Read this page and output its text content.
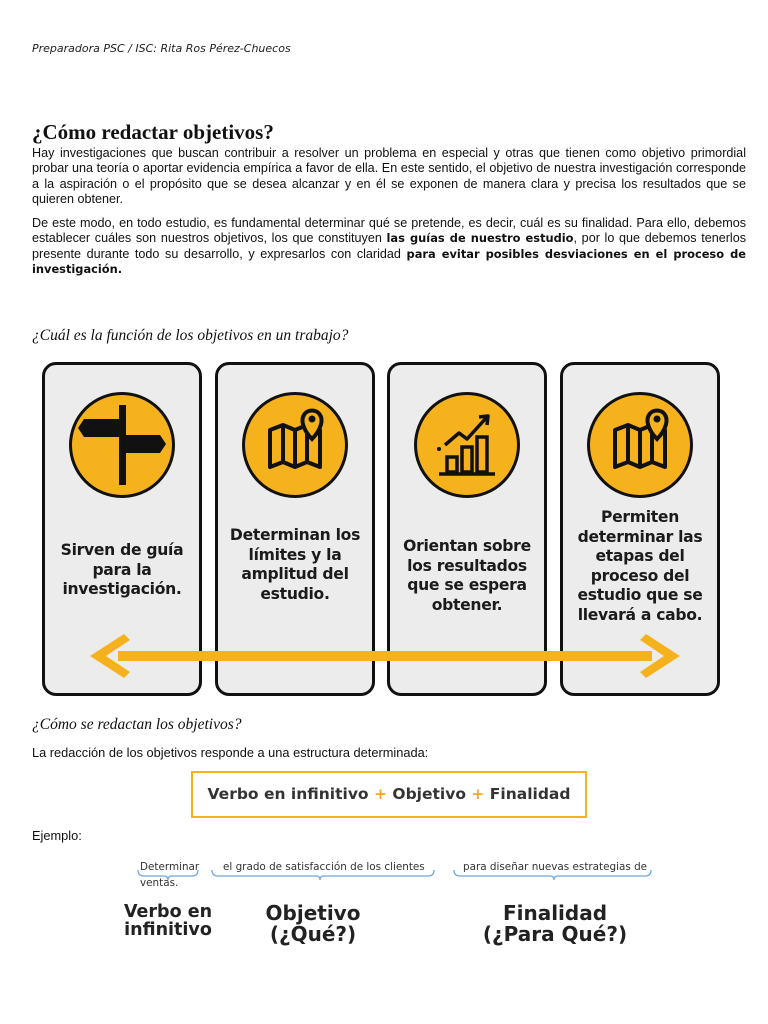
Preparadora PSC / ISC: Rita Ros Pérez-Chuecos
¿Cómo redactar objetivos?

Hay investigaciones que buscan contribuir a resolver un problema en especial y otras que tienen como objetivo primordial probar una teoría o aportar evidencia empírica a favor de ella. En este sentido, el objetivo de nuestra investigación corresponde a la aspiración o el propósito que se desea alcanzar y en él se exponen de manera clara y precisa los resultados que se quieren obtener.

De este modo, en todo estudio, es fundamental determinar qué se pretende, es decir, cuál es su finalidad. Para ello, debemos establecer cuáles son nuestros objetivos, los que constituyen las guías de nuestro estudio, por lo que debemos tenerlos presente durante todo su desarrollo, y expresarlos con claridad para evitar posibles desviaciones en el proceso de investigación.

¿Cuál es la función de los objetivos en un trabajo?
Sirven de guía para la investigación.
Determinan los límites y la amplitud del estudio.
Orientan sobre los resultados que se espera obtener.
Permiten determinar las etapas del proceso del estudio que se llevará a cabo.
¿Cómo se redactan los objetivos?

La redacción de los objetivos responde a una estructura determinada:

Verbo en infinitivo + Objetivo + Finalidad

Ejemplo:

Determinar el grado de satisfacción de los clientes	para diseñar nuevas estrategias de
ventas.
Verbo en infinitivo
Objetivo (¿Qué?)
Finalidad (¿Para Qué?)
